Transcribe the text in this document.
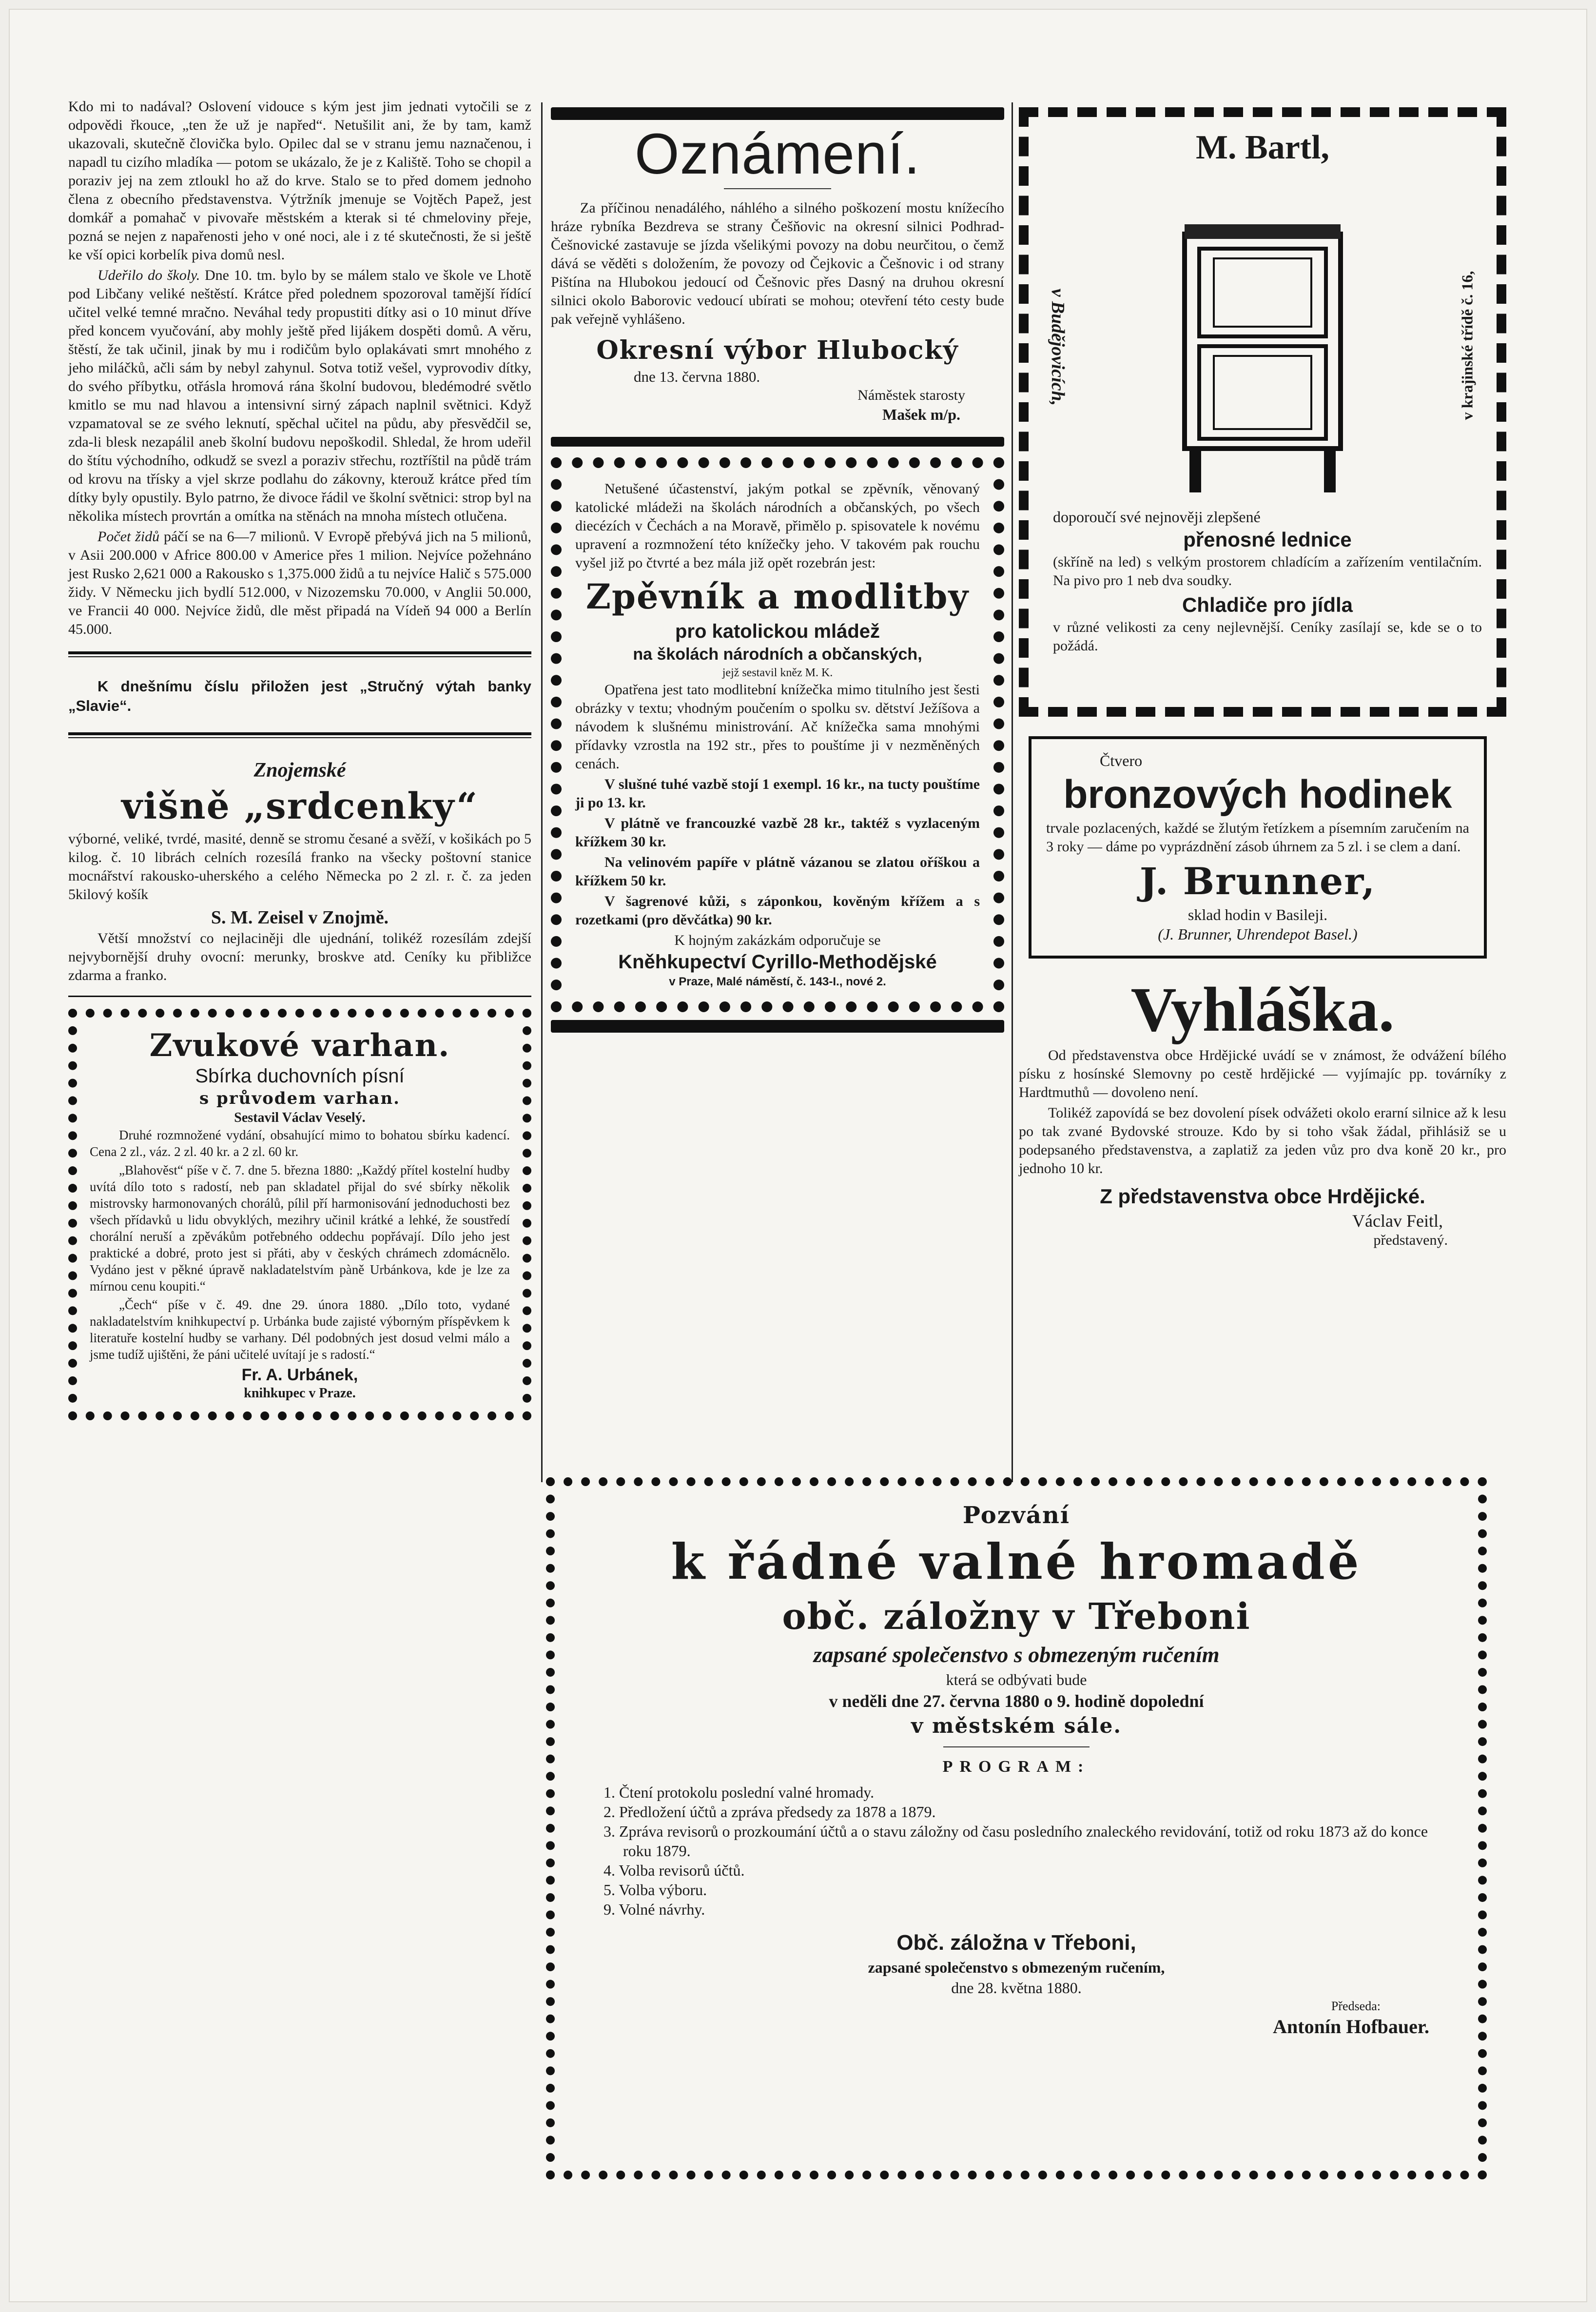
Kdo mi to nadával? Oslovení vidouce s kým jest jim jednati vytočili se z odpovědi řkouce, „ten že už je napřed“. Netušilit ani, že by tam, kamž ukazovali, skutečně človička bylo. Opilec dal se v stranu jemu naznačenou, i napadl tu cizího mladíka — potom se ukázalo, že je z Kaliště. Toho se chopil a poraziv jej na zem ztloukl ho až do krve. Stalo se to před domem jednoho člena z obecního představenstva. Výtržník jmenuje se Vojtěch Papež, jest domkář a pomahač v pivovaře městském a kterak si té chmeloviny přeje, pozná se nejen z napařenosti jeho v oné noci, ale i z té skutečnosti, že si ještě ke vší opici korbelík piva domů nesl.

Udeřilo do školy. Dne 10. tm. bylo by se málem stalo ve škole ve Lhotě pod Libčany veliké neštěstí. Krátce před polednem spozoroval tamější řídící učitel velké temné mračno. Neváhal tedy propustiti dítky asi o 10 minut dříve před koncem vyučování, aby mohly ještě před lijákem dospěti domů. A věru, štěstí, že tak učinil, jinak by mu i rodičům bylo oplakávati smrt mnohého z jeho miláčků, ačli sám by nebyl zahynul. Sotva totiž vešel, vyprovodiv dítky, do svého příbytku, otřásla hromová rána školní budovou, bledémodré světlo kmitlo se mu nad hlavou a intensivní sirný zápach naplnil světnici. Když vzpamatoval se ze svého leknutí, spěchal učitel na půdu, aby přesvědčil se, zda-li blesk nezapálil aneb školní budovu nepoškodil. Shledal, že hrom udeřil do štítu východního, odkudž se svezl a poraziv střechu, roztříštil na půdě trám od krovu na třísky a vjel skrze podlahu do zákovny, kterouž krátce před tím dítky byly opustily. Bylo patrno, že divoce řádil ve školní světnici: strop byl na několika místech provrtán a omítka na stěnách na mnoha místech otlučena.

Počet židů páčí se na 6—7 milionů. V Evropě přebývá jich na 5 milionů, v Asii 200.000 v Africe 800.00 v Americe přes 1 milion. Nejvíce požehnáno jest Rusko 2,621 000 a Rakousko s 1,375.000 židů a tu nejvíce Halič s 575.000 židy. V Německu jich bydlí 512.000, v Nizozemsku 70.000, v Anglii 50.000, ve Francii 40 000. Nejvíce židů, dle měst připadá na Vídeň 94 000 a Berlín 45.000.

K dnešnímu číslu přiložen jest „Stručný výtah banky „Slavie“.

Znojemské
višně „srdcenky“

výborné, veliké, tvrdé, masité, denně se stromu česané a svěží, v košikách po 5 kilog. č. 10 librách celních rozesílá franko na všecky poštovní stanice mocnářství rakousko-uherského a celého Německa po 2 zl. r. č. za jeden 5kilový košík

S. M. Zeisel v Znojmě.

Větší množství co nejlaciněji dle ujednání, tolikéž rozesílám zdejší nejvybornější druhy ovocní: merunky, broskve atd. Ceníky ku přibližce zdarma a franko.

Zvukové varhan.
Sbírka duchovních písní
s průvodem varhan.
Sestavil Václav Veselý.

Druhé rozmnožené vydání, obsahující mimo to bohatou sbírku kadencí. Cena 2 zl., váz. 2 zl. 40 kr. a 2 zl. 60 kr.

„Blahověst“ píše v č. 7. dne 5. března 1880: „Každý přítel kostelní hudby uvítá dílo toto s radostí, neb pan skladatel přijal do své sbírky několik mistrovsky harmonovaných chorálů, pílil pří harmonisování jednoduchosti bez všech přídavků u lidu obvyklých, mezihry učinil krátké a lehké, že soustředí chorální neruší a zpěvákům potřebného oddechu popřávají. Dílo jeho jest praktické a dobré, proto jest si přáti, aby v českých chrámech zdomácnělo. Vydáno jest v pěkné úpravě nakladatelstvím pàně Urbánkova, kde je lze za mírnou cenu koupiti.“

„Čech“ píše v č. 49. dne 29. února 1880. „Dílo toto, vydané nakladatelstvím knihkupectví p. Urbánka bude zajisté výborným příspěvkem k literatuře kostelní hudby se varhany. Dél podobných jest dosud velmi málo a jsme tudíž ujištěni, že páni učitelé uvítají je s radostí.“

Fr. A. Urbánek,
knihkupec v Praze.
Oznámení.

Za příčinou nenadálého, náhlého a silného poškození mostu knížecího hráze rybníka Bezdreva se strany Češňovic na okresní silnici Podhrad-Češnovické zastavuje se jízda všelikými povozy na dobu neurčitou, o čemž dává se věděti s doložením, že povozy od Čejkovic a Češnovic i od strany Pištína na Hlubokou jedoucí od Češnovic přes Dasný na druhou okresní silnici okolo Baborovic vedoucí ubírati se mohou; otevření této cesty bude pak veřejně vyhlášeno.

Okresní výbor Hlubocký
dne 13. června 1880.
Náměstek starosty
Mašek m/p.

Netušené účastenství, jakým potkal se zpěvník, věnovaný katolické mládeži na školách národních a občanských, po všech diecézích v Čechách a na Moravě, přimělo p. spisovatele k novému upravení a rozmnožení této knížečky jeho. V takovém pak rouchu vyšel již po čtvrté a bez mála již opět rozebrán jest:

Zpěvník a modlitby
pro katolickou mládež
na školách národních a občanských,
jejž sestavil kněz M. K.

Opatřena jest tato modlitební knížečka mimo titulního jest šesti obrázky v textu; vhodným poučením o spolku sv. dětství Ježíšova a návodem k slušnému ministrování. Ač knížečka sama mnohými přídavky vzrostla na 192 str., přes to pouštíme ji v nezměněných cenách.

V slušné tuhé vazbě stojí 1 exempl. 16 kr., na tucty pouštíme ji po 13. kr.

V plátně ve francouzké vazbě 28 kr., taktéž s vyzlaceným křížkem 30 kr.

Na velinovém papíře v plátně vázanou se zlatou oříškou a křížkem 50 kr.

V šagrenové kůži, s záponkou, kověným křížem a s rozetkami (pro děvčátka) 90 kr.

K hojným zakázkám odporučuje se
Kněhkupectví Cyrillo-Methodějské
v Praze, Malé náměstí, č. 143-I., nové 2.
M. Bartl,
v Budějovicích,	v krajinské třídě č. 16,
doporoučí své nejnověji zlepšené
přenosné lednice

(skříně na led) s velkým prostorem chladícím a zařízením ventilačním. Na pivo pro 1 neb dva soudky.

Chladiče pro jídla

v různé velikosti za ceny nejlevnější. Ceníky zasílají se, kde se o to požádá.

Čtvero
bronzových hodinek

trvale pozlacených, každé se žlutým řetízkem a písemním zaručením na 3 roky — dáme po vyprázdnění zásob úhrnem za 5 zl. i se clem a daní.

J. Brunner,
sklad hodin v Basileji.
(J. Brunner, Uhrendepot Basel.)
Vyhláška.

Od představenstva obce Hrdějické uvádí se v známost, že odvážení bílého písku z hosínské Slemovny po cestě hrdějické — vyjímajíc pp. továrníky z Hardtmuthů — dovoleno není.

Tolikéž zapovídá se bez dovolení písek odvážeti okolo erarní silnice až k lesu po tak zvané Bydovské strouze. Kdo by si toho však žádal, přihlásiž se u podepsaného představenstva, a zaplatiž za jeden vůz pro dva koně 20 kr., pro jednoho 10 kr.

Z představenstva obce Hrdějické.
Václav Feitl,
představený.
Pozvání
k řádné valné hromadě
obč. záložny v Třeboni
zapsané společenstvo s obmezeným ručením
která se odbývati bude
v neděli dne 27. června 1880 o 9. hodině dopolední
v městském sále.
PROGRAM:
1. Čtení protokolu poslední valné hromady.
2. Předložení účtů a zpráva předsedy za 1878 a 1879.
3. Zpráva revisorů o prozkoumání účtů a o stavu záložny od času posledního znaleckého revidování, totiž od roku 1873 až do konce roku 1879.
4. Volba revisorů účtů.
5. Volba výboru.
9. Volné návrhy.
Obč. záložna v Třeboni,
zapsané společenstvo s obmezeným ručením,
dne 28. května 1880.
Předseda:
Antonín Hofbauer.
